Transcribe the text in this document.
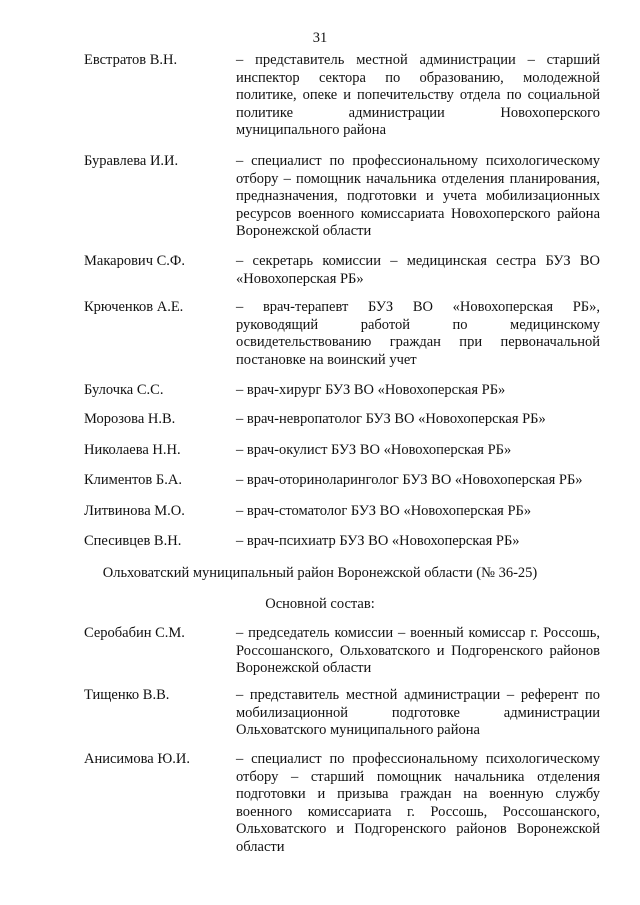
31
Евстратов В.Н.	– представитель местной администрации – старший инспектор сектора по образованию, молодежной политике, опеке и попечительству отдела по социальной политике администрации Новохоперского муниципального района
Буравлева И.И.	– специалист по профессиональному психологическому отбору – помощник начальника отделения планирования, предназначения, подготовки и учета мобилизационных ресурсов военного комиссариата Новохоперского района Воронежской области
Макарович С.Ф.	– секретарь комиссии – медицинская сестра БУЗ ВО «Новохоперская РБ»
Крюченков А.Е.	– врач-терапевт БУЗ ВО «Новохоперская РБ», руководящий работой по медицинскому освидетельствованию граждан при первоначальной постановке на воинский учет
Булочка С.С.	– врач-хирург БУЗ ВО «Новохоперская РБ»
Морозова Н.В.	– врач-невропатолог БУЗ ВО «Новохоперская РБ»
Николаева Н.Н.	– врач-окулист БУЗ ВО «Новохоперская РБ»
Климентов Б.А.	– врач-оториноларинголог БУЗ ВО «Новохоперская РБ»
Литвинова М.О.	– врач-стоматолог БУЗ ВО «Новохоперская РБ»
Спесивцев В.Н.	– врач-психиатр БУЗ ВО «Новохоперская РБ»
Ольховатский муниципальный район Воронежской области (№ 36-25)
Основной состав:
Серобабин С.М.	– председатель комиссии – военный комиссар г. Россошь, Россошанского, Ольховатского и Подгоренского районов Воронежской области
Тищенко В.В.	– представитель местной администрации – референт по мобилизационной подготовке администрации Ольховатского муниципального района
Анисимова Ю.И.	– специалист по профессиональному психологическому отбору – старший помощник начальника отделения подготовки и призыва граждан на военную службу военного комиссариата г. Россошь, Россошанского, Ольховатского и Подгоренского районов Воронежской области
